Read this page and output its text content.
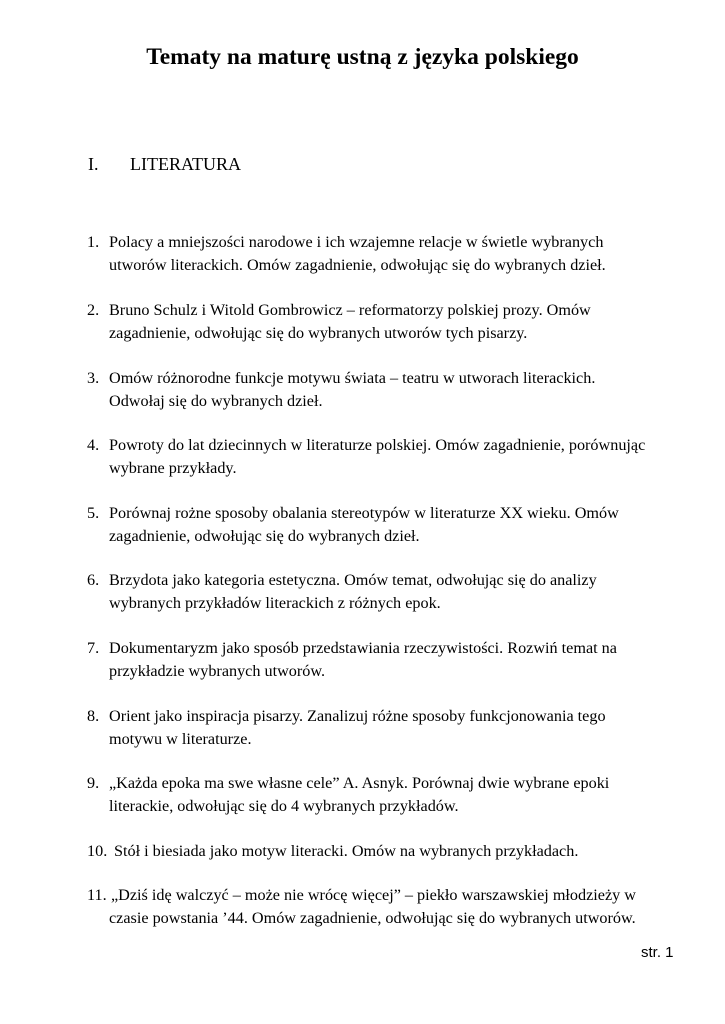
Tematy na maturę ustną z języka polskiego
I. LITERATURA
1. Polacy a mniejszości narodowe i ich wzajemne relacje w świetle wybranych
utworów literackich. Omów zagadnienie, odwołując się do wybranych dzieł.
2. Bruno Schulz i Witold Gombrowicz – reformatorzy polskiej prozy. Omów
zagadnienie, odwołując się do wybranych utworów tych pisarzy.
3. Omów różnorodne funkcje motywu świata – teatru w utworach literackich.
Odwołaj się do wybranych dzieł.
4. Powroty do lat dziecinnych w literaturze polskiej. Omów zagadnienie, porównując
wybrane przykłady.
5. Porównaj rożne sposoby obalania stereotypów w literaturze XX wieku. Omów
zagadnienie, odwołując się do wybranych dzieł.
6. Brzydota jako kategoria estetyczna. Omów temat, odwołując się do analizy
wybranych przykładów literackich z różnych epok.
7. Dokumentaryzm jako sposób przedstawiania rzeczywistości. Rozwiń temat na
przykładzie wybranych utworów.
8. Orient jako inspiracja pisarzy. Zanalizuj różne sposoby funkcjonowania tego
motywu w literaturze.
9. „Każda epoka ma swe własne cele” A. Asnyk. Porównaj dwie wybrane epoki
literackie, odwołując się do 4 wybranych przykładów.
10. Stół i biesiada jako motyw literacki. Omów na wybranych przykładach.
11. „Dziś idę walczyć – może nie wrócę więcej” – piekło warszawskiej młodzieży w
czasie powstania ’44. Omów zagadnienie, odwołując się do wybranych utworów.
str. 1
